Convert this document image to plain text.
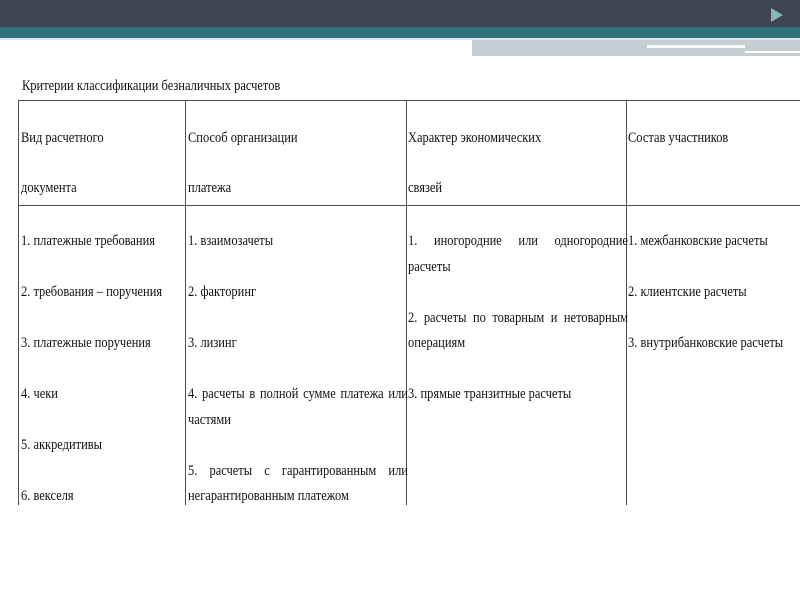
Критерии классификации безналичных расчетов
Вид расчетного
документа
Способ организации
платежа
Характер экономических
связей
Состав участников
1. платежные требования
2. требования – поручения
3. платежные поручения
4. чеки
5. аккредитивы
6. векселя
1. взаимозачеты
2. факторинг
3. лизинг
4. расчеты в полной сумме платежа или
частями
5. расчеты с гарантированным или
негарантированным платежом
1. иногородние или одногородние
расчеты
2. расчеты по товарным и нетоварным
операциям
3. прямые транзитные расчеты
1. межбанковские расчеты
2. клиентские расчеты
3. внутрибанковские расчеты
